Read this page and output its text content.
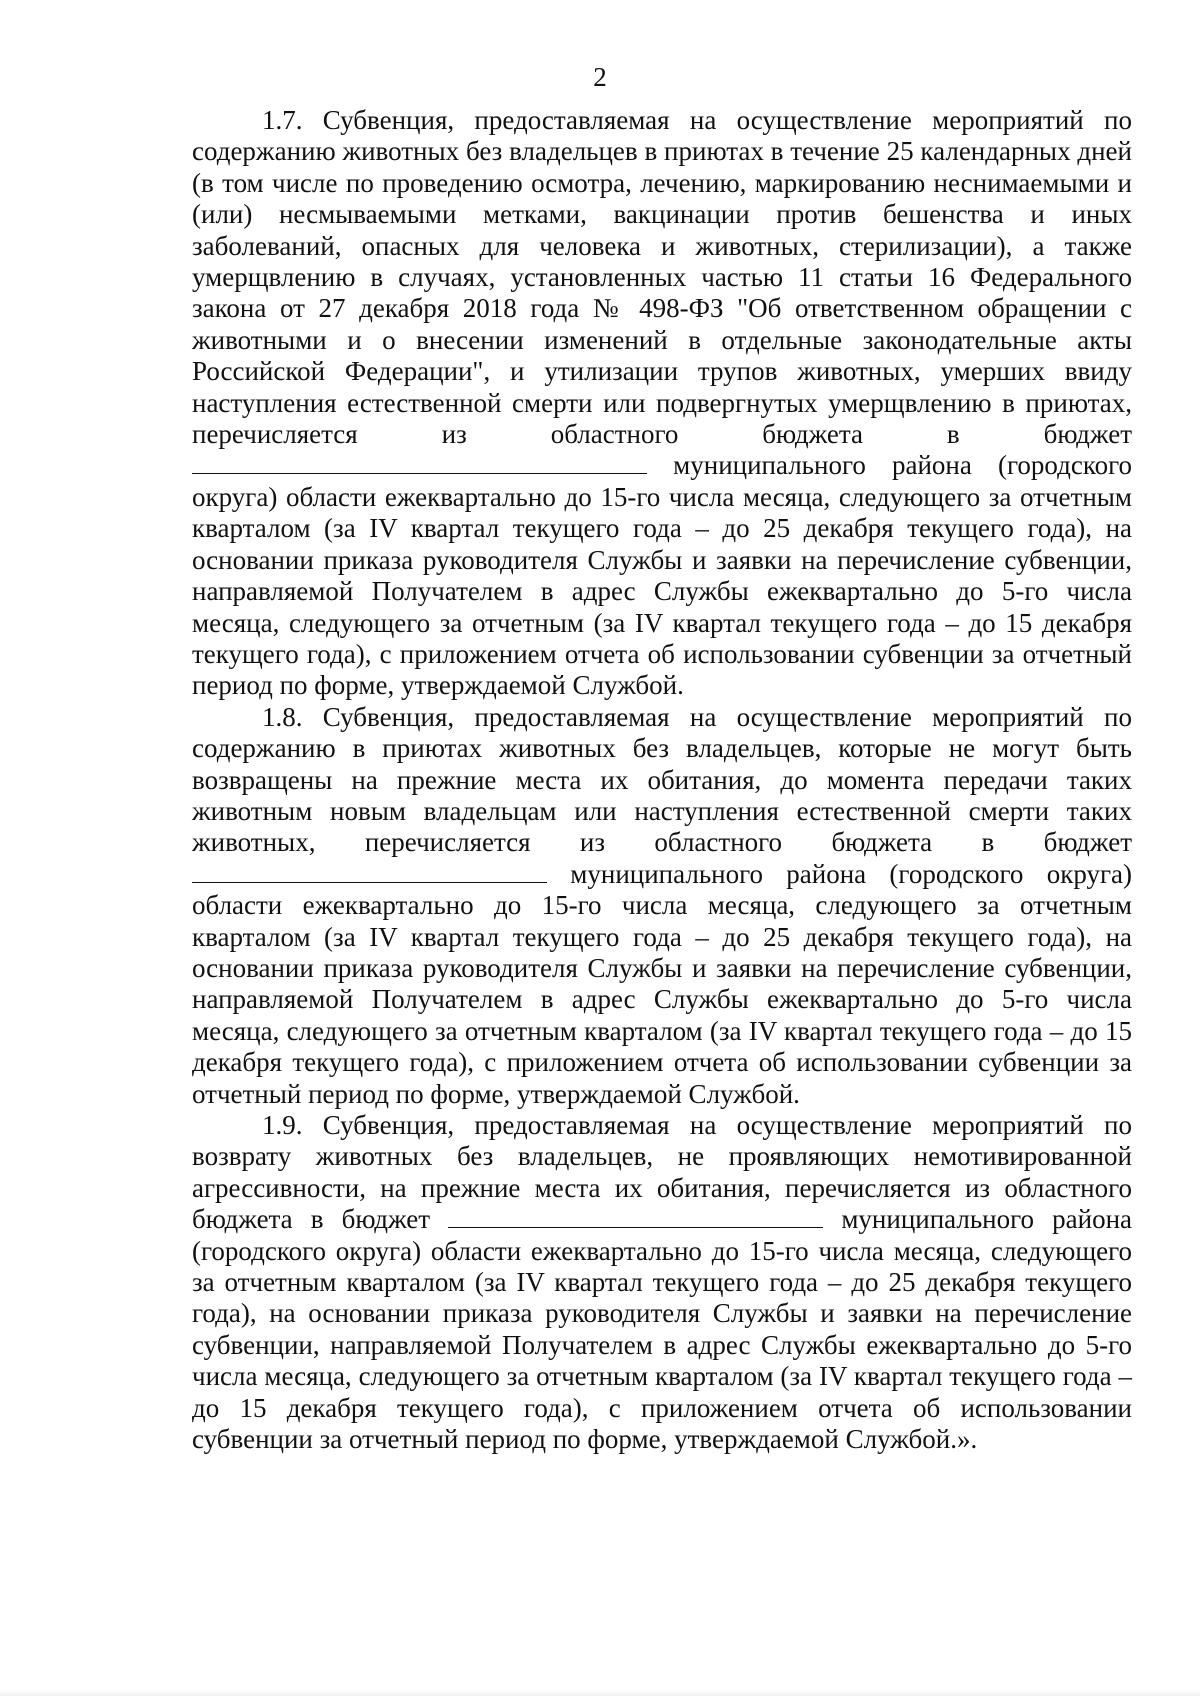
2

1.7. Субвенция, предоставляемая на осуществление мероприятий по содержанию животных без владельцев в приютах в течение 25 календарных дней (в том числе по проведению осмотра, лечению, маркированию неснимаемыми и (или) несмываемыми метками, вакцинации против бешенства и иных заболеваний, опасных для человека и животных, стерилизации), а также умерщвлению в случаях, установленных частью 11 статьи 16 Федерального закона от 27 декабря 2018 года № 498-ФЗ "Об ответственном обращении с животными и о внесении изменений в отдельные законодательные акты Российской Федерации", и утилизации трупов животных, умерших ввиду наступления естественной смерти или подвергнутых умерщвлению в приютах, перечисляется из областного бюджета в бюджет  муниципального района (городского округа) области ежеквартально до 15-го числа месяца, следующего за отчетным кварталом (за IV квартал текущего года – до 25 декабря текущего года), на основании приказа руководителя Службы и заявки на перечисление субвенции, направляемой Получателем в адрес Службы ежеквартально до 5-го числа месяца, следующего за отчетным (за IV квартал текущего года – до 15 декабря текущего года), с приложением отчета об использовании субвенции за отчетный период по форме, утверждаемой Службой.

1.8. Субвенция, предоставляемая на осуществление мероприятий по содержанию в приютах животных без владельцев, которые не могут быть возвращены на прежние места их обитания, до момента передачи таких животным новым владельцам или наступления естественной смерти таких животных, перечисляется из областного бюджета в бюджет  муниципального района (городского округа) области ежеквартально до 15-го числа месяца, следующего за отчетным кварталом (за IV квартал текущего года – до 25 декабря текущего года), на основании приказа руководителя Службы и заявки на перечисление субвенции, направляемой Получателем в адрес Службы ежеквартально до 5-го числа месяца, следующего за отчетным кварталом (за IV квартал текущего года – до 15 декабря текущего года), с приложением отчета об использовании субвенции за отчетный период по форме, утверждаемой Службой.

1.9. Субвенция, предоставляемая на осуществление мероприятий по возврату животных без владельцев, не проявляющих немотивированной агрессивности, на прежние места их обитания, перечисляется из областного бюджета в бюджет	муниципального района (городского округа) области ежеквартально до 15-го числа месяца, следующего за отчетным кварталом (за IV квартал текущего года – до 25 декабря текущего года), на основании приказа руководителя Службы и заявки на перечисление субвенции, направляемой Получателем в адрес Службы ежеквартально до 5-го числа месяца, следующего за отчетным кварталом (за IV квартал текущего года – до 15 декабря текущего года), с приложением отчета об использовании субвенции за отчетный период по форме, утверждаемой Службой.».
